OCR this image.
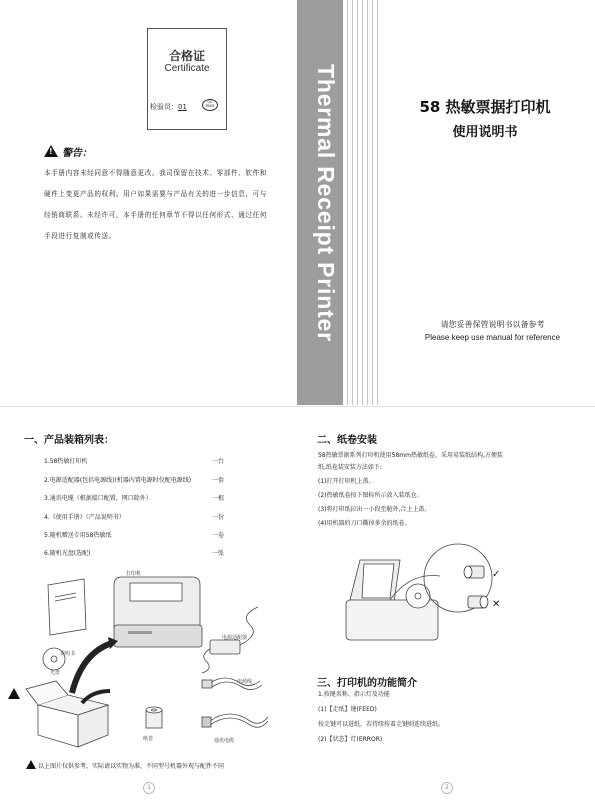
合格证
Certificate
检验员：01
QC PASS
!警告：
本手册内容未经同意不得随意更改。我司保留在技术、零部件、软件和硬件上变更产品的权利。用户如果需要与产品有关的进一步信息，可与经销商联系。未经许可，本手册的任何章节不得以任何形式、通过任何手段进行复制或传送。	Thermal Receipt Printer	58 热敏票据打印机
使用说明书
请您妥善保管说明书以备参考
Please keep use manual for reference
一、产品装箱列表：
1.58热敏打印机	一台
2.电源适配器(包括电源线)(机器内置电源时仅配电源线)	一套
3.通讯电缆（根据接口配置，网口除外）	一根
4.《使用手册》（产品说明书）	一份
5.随机赠送专用58热敏纸	一卷
6.随机光盘(选配)	一张
打印机
说明书
电源适配器
光盘
电源线
纸卷	通讯电缆
以上图片仅供参考，实际请以实物为准，不同型号机器外观与配件不同
1
二、纸卷安装
58热敏票据系列打印机使用58mm热敏纸卷，采用易装纸结构,方便装
纸,纸卷装安装方法如下:
(1)打开打印机上盖。
(2)热敏纸卷按下图标所示放入装纸仓。
(3)将打印纸拉出一小段至舱外,合上上盖。
(4)用机器的刀口撕掉多余的纸卷。
✓
✕
三、打印机的功能简介
1.按键名称、指示灯及功能
(1)【走纸】键(FEED)
按走键可以进纸，若持续按着走键则连续进纸。
(2)【状态】灯(ERROR)
2
